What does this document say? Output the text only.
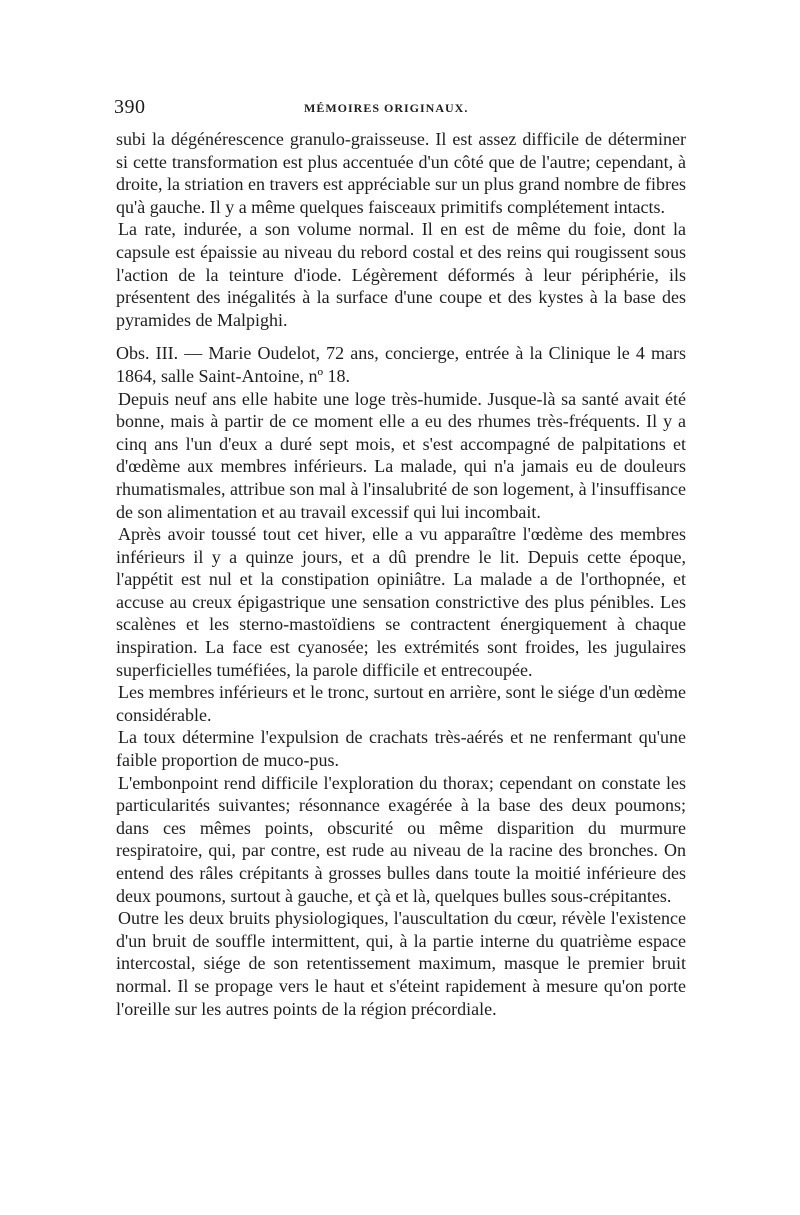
390	MÉMOIRES ORIGINAUX.

subi la dégénérescence granulo-graisseuse. Il est assez difficile de déterminer si cette transformation est plus accentuée d'un côté que de l'autre; cependant, à droite, la striation en travers est appréciable sur un plus grand nombre de fibres qu'à gauche. Il y a même quelques faisceaux primitifs complétement intacts.

La rate, indurée, a son volume normal. Il en est de même du foie, dont la capsule est épaissie au niveau du rebord costal et des reins qui rougissent sous l'action de la teinture d'iode. Légèrement déformés à leur périphérie, ils présentent des inégalités à la surface d'une coupe et des kystes à la base des pyramides de Malpighi.

Obs. III. — Marie Oudelot, 72 ans, concierge, entrée à la Clinique le 4 mars 1864, salle Saint-Antoine, nº 18.

Depuis neuf ans elle habite une loge très-humide. Jusque-là sa santé avait été bonne, mais à partir de ce moment elle a eu des rhumes très-fréquents. Il y a cinq ans l'un d'eux a duré sept mois, et s'est accompagné de palpitations et d'œdème aux membres inférieurs. La malade, qui n'a jamais eu de douleurs rhumatismales, attribue son mal à l'insalubrité de son logement, à l'insuffisance de son alimentation et au travail excessif qui lui incombait.

Après avoir toussé tout cet hiver, elle a vu apparaître l'œdème des membres inférieurs il y a quinze jours, et a dû prendre le lit. Depuis cette époque, l'appétit est nul et la constipation opiniâtre. La malade a de l'orthopnée, et accuse au creux épigastrique une sensation constrictive des plus pénibles. Les scalènes et les sterno-mastoïdiens se contractent énergiquement à chaque inspiration. La face est cyanosée; les extrémités sont froides, les jugulaires superficielles tuméfiées, la parole difficile et entrecoupée.

Les membres inférieurs et le tronc, surtout en arrière, sont le siége d'un œdème considérable.

La toux détermine l'expulsion de crachats très-aérés et ne renfermant qu'une faible proportion de muco-pus.

L'embonpoint rend difficile l'exploration du thorax; cependant on constate les particularités suivantes; résonnance exagérée à la base des deux poumons; dans ces mêmes points, obscurité ou même disparition du murmure respiratoire, qui, par contre, est rude au niveau de la racine des bronches. On entend des râles crépitants à grosses bulles dans toute la moitié inférieure des deux poumons, surtout à gauche, et çà et là, quelques bulles sous-crépitantes.

Outre les deux bruits physiologiques, l'auscultation du cœur, révèle l'existence d'un bruit de souffle intermittent, qui, à la partie interne du quatrième espace intercostal, siége de son retentissement maximum, masque le premier bruit normal. Il se propage vers le haut et s'éteint rapidement à mesure qu'on porte l'oreille sur les autres points de la région précordiale.
